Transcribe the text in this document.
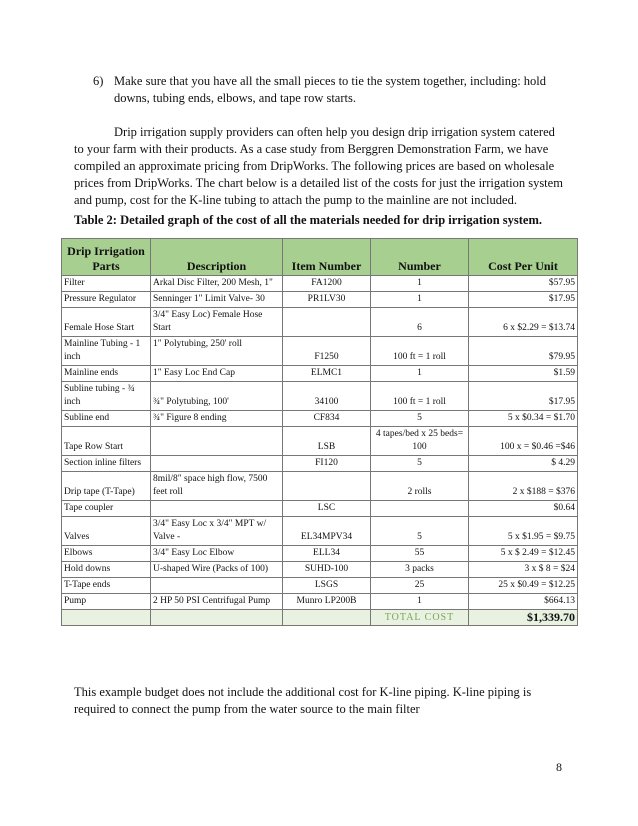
6) Make sure that you have all the small pieces to tie the system together, including: hold downs, tubing ends, elbows, and tape row starts.
Drip irrigation supply providers can often help you design drip irrigation system catered to your farm with their products. As a case study from Berggren Demonstration Farm, we have compiled an approximate pricing from DripWorks. The following prices are based on wholesale prices from DripWorks. The chart below is a detailed list of the costs for just the irrigation system and pump, cost for the K-line tubing to attach the pump to the mainline are not included.
Table 2: Detailed graph of the cost of all the materials needed for drip irrigation system.
Drip Irrigation Parts	Description	Item Number	Number	Cost Per Unit
Filter	Arkal Disc Filter, 200 Mesh, 1"	FA1200	1	$57.95
Pressure Regulator	Senninger 1" Limit Valve- 30	PR1LV30	1	$17.95
Female Hose Start	3/4" Easy Loc) Female Hose Start		6	6 x $2.29 = $13.74
Mainline Tubing - 1 inch	1" Polytubing, 250' roll	F1250	100 ft = 1 roll	$79.95
Mainline ends	1" Easy Loc End Cap	ELMC1	1	$1.59
Subline tubing - ¾ inch	¾" Polytubing, 100'	34100	100 ft = 1 roll	$17.95
Subline end	¾" Figure 8 ending	CF834	5	5 x $0.34 = $1.70
Tape Row Start		LSB	4 tapes/bed x 25 beds= 100	100 x = $0.46 =$46
Section inline filters		FI120	5	$ 4.29
Drip tape (T-Tape)	8mil/8" space high flow, 7500 feet roll		2 rolls	2 x $188 = $376
Tape coupler		LSC		$0.64
Valves	3/4" Easy Loc x 3/4" MPT w/ Valve -	EL34MPV34	5	5 x $1.95 = $9.75
Elbows	3/4" Easy Loc Elbow	ELL34	55	5 x $ 2.49 = $12.45
Hold downs	U-shaped Wire (Packs of 100)	SUHD-100	3 packs	3 x $ 8 = $24
T-Tape ends		LSGS	25	25 x $0.49 = $12.25
Pump	2 HP 50 PSI Centrifugal Pump	Munro LP200B	1	$664.13
			TOTAL COST	$1,339.70
This example budget does not include the additional cost for K-line piping. K-line piping is required to connect the pump from the water source to the main filter
8
